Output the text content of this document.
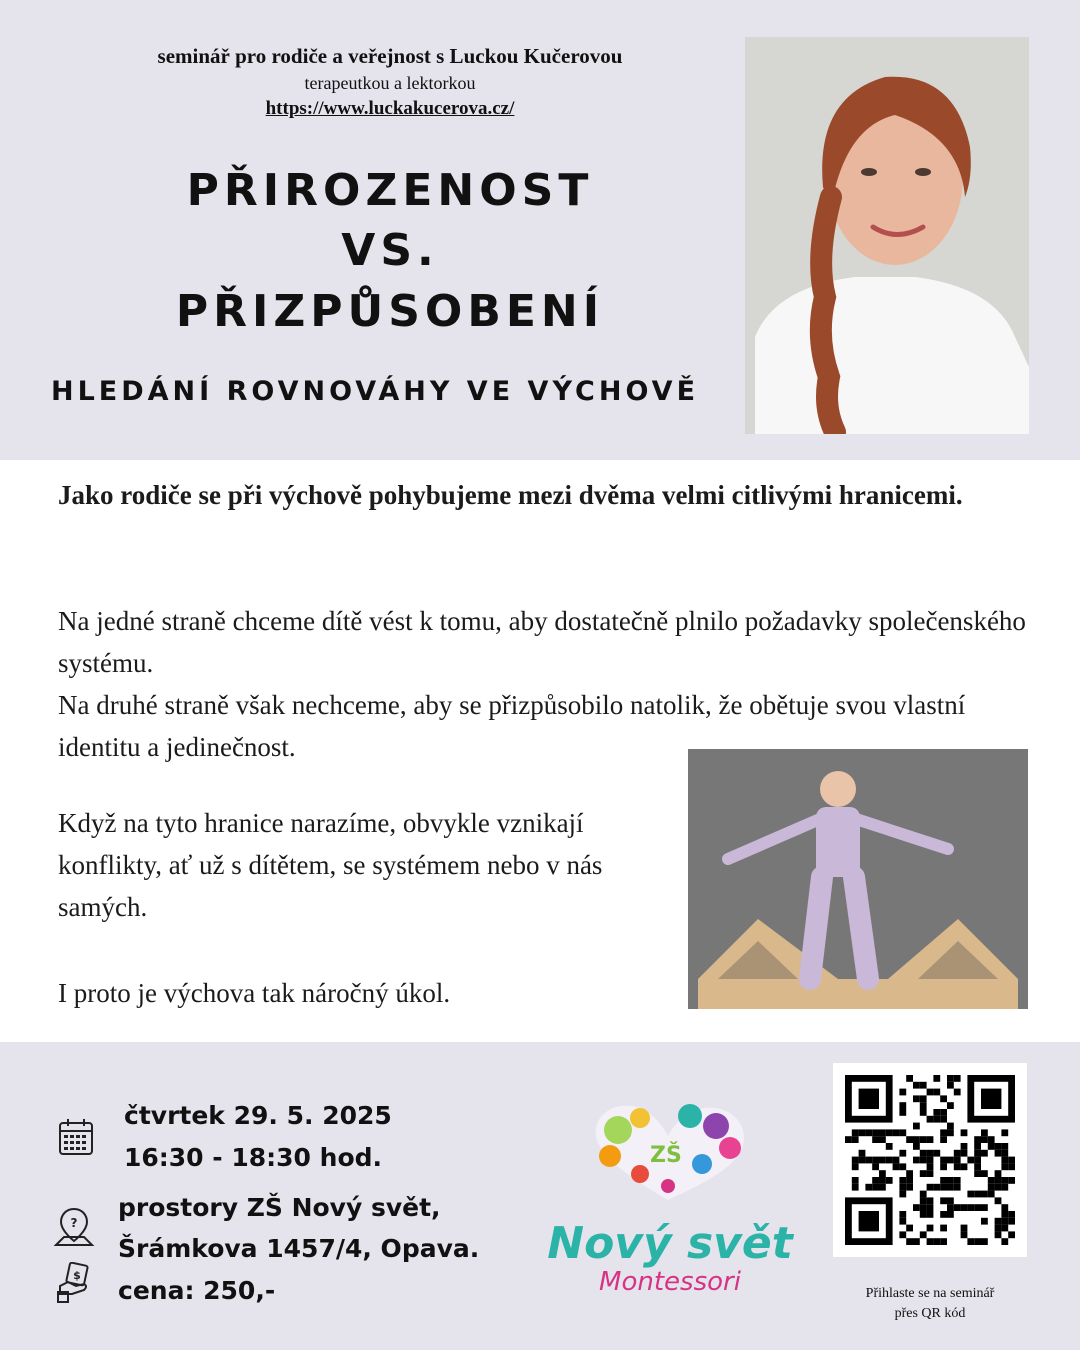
seminář pro rodiče a veřejnost s Luckou Kučerovou
terapeutkou a lektorkou
https://www.luckakucerova.cz/
PŘIROZENOST
VS.
PŘIZPŮSOBENÍ
HLEDÁNÍ ROVNOVÁHY VE VÝCHOVĚ
Jako rodiče se při výchově pohybujeme mezi dvěma velmi citlivými hranicemi.
Na jedné straně chceme dítě vést k tomu, aby dostatečně plnilo požadavky společenského systému.
Na druhé straně však nechceme, aby se přizpůsobilo natolik, že obětuje svou vlastní identitu a jedinečnost.
Když na tyto hranice narazíme, obvykle vznikají konflikty, ať už s dítětem, se systémem nebo v nás samých.
I proto je výchova tak náročný úkol.
čtvrtek 29. 5. 2025
16:30 - 18:30 hod.
?
prostory ZŠ Nový svět,
Šrámkova 1457/4, Opava.
$
cena: 250,-
ZŠ
Nový svět
Montessori	Přihlaste se na seminář
přes QR kód
